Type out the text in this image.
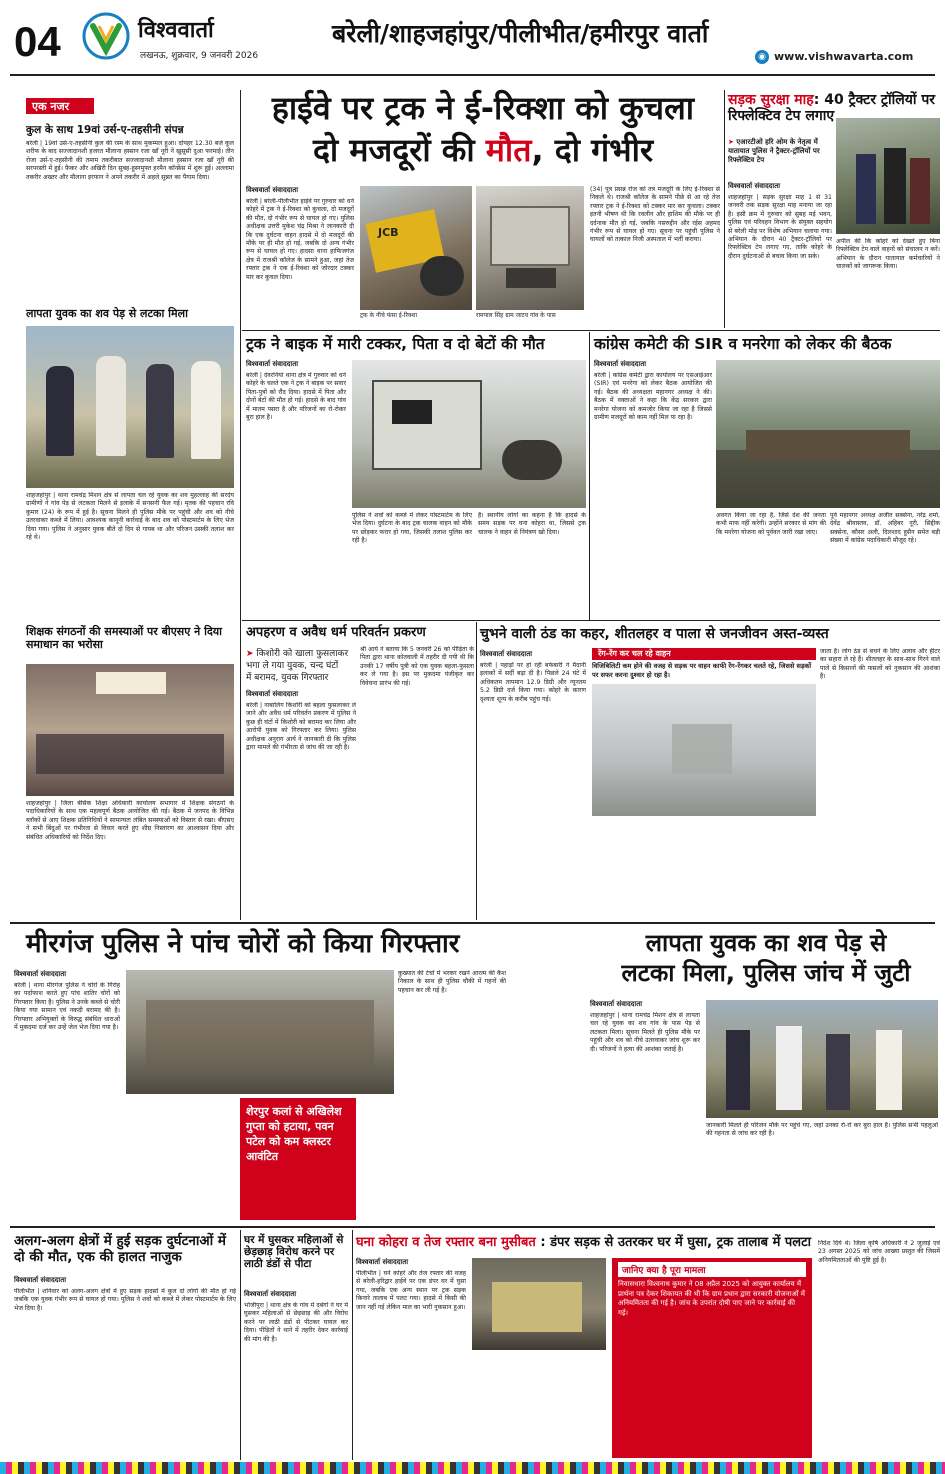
04	विश्ववार्ता
लखनऊ, शुक्रवार, 9 जनवरी 2026
बरेली/शाहजहांपुर/पीलीभीत/हमीरपुर वार्ता
◉ www.vishwavarta.com
एक नजर
कुल के साथ 19वां उर्स-ए-तहसीनी संपन्न
बरेली | 19वां उर्स-ए-तहसीनी कुल की रस्म के साथ मुकम्मल हुआ। दोपहर 12.30 बजे कुल शरीफ के बाद सज्जादानशी हजरत मौलाना हस्सान रजा खाँ नूरी ने खुसूसी दुआ फरमाई। तीन रोजा उर्स-ए-तहसीनी की तमाम तकरीबात सज्जादानशी मौलाना हस्सान रजा खाँ नूरी की सरपरस्ती में हुई। फ़ैकर और अखिरी दिन सुबह-हुस्नमुफ्त हरमैन कॉन्फ्रेंस में शुरू हुई। अल्लामा तकरीर अख्तर और मौलाना इरफान ने अपने तकरीर में अहले सुन्नत का पैगाम दिया।
लापता युवक का शव पेड़ से लटका मिला
शाहजहांपुर | थाना रामचंद्र मिशन क्षेत्र से लापता चल रहे युवक का शव मुहल्लाह की सरदेय ग्रामीणों ने गांव पेड़ से लटकता मिलने से इलाके में सनसनी फैल गई। मृतक की पहचान रवि कुमार (24) के रूप में हुई है। सूचना मिलने ही पुलिस मौके पर पहुंची और शव को नीचे उतरवाकर कब्जे में लिया। आवश्यक कानूनी कार्रवाई के बाद शव को पोस्टमार्टम के लिए भेज दिया गया। पुलिस ने अनुसार युवक बीते दो दिन से गायब था और परिजन उसकी तलाश कर रहे थे।
शिक्षक संगठनों की समस्याओं पर बीएसए ने दिया समाधान का भरोसा
शाहजहांपुर | जिला बेसिक शिक्षा अधिकारी कार्यालय सभागार में शिक्षक संगठनों के पदाधिकारियों के साथ एक महत्वपूर्ण बैठक आयोजित की गई। बैठक में जनपद के विभिन्न ब्लॉकों से आए शिक्षक प्रतिनिधियों ने सामान्यतः लंबित समस्याओं को विस्तार से रखा। बीएसए ने सभी बिंदुओं पर गंभीरता से विचार करते हुए शीघ्र निस्तारण का आश्वासन दिया और संबंधित अधिकारियों को निर्देश दिए।
हाईवे पर ट्रक ने ई-रिक्शा को कुचला
दो मजदूरों की मौत, दो गंभीर
विश्ववार्ता संवाददाता
बरेली | बरेली-पीलीभीत हाईवे पर गुरुवार को धने कोहरे में ट्रक ने ई-रिक्शा को कुचला, दो मजदूरों की मौत, दो गंभीर रूप से घायल हो गए। पुलिस अधीक्षक उत्तरी मुकेश चंद्र मिश्रा ने जानकारी दी कि एक दुर्घटना वाहन हादसे में दो मजदूरों की मौके पर ही मौत हो गई, जबकि दो अन्य गंभीर रूप से घायल हो गए। हादसा थाना हाफिजगंज क्षेत्र में राजश्री कॉलेज के सामने हुआ, जहां तेज रफ्तार ट्रक ने एक ई-रिक्शा को जोरदार टक्कर मार कर कुचल दिया।
JCB
ट्रक के नीचे फंसा ई-रिक्शा	रामपाल सिंह ग्राम जाटव गांव के पास
(34) पुत्र प्रसन्न रोज को तत्र मजदूरी के लिए ई-रिक्शा से निकले थे। राजश्री कॉलेज के सामने पीछे से आ रहे तेज रफ्तार ट्रक ने ई-रिक्शा को टक्कर मार कर कुचला। टक्कर इतनी भीषण थी कि रवलीन और हाशिम की मौके पर ही दर्दनाक मौत हो गई, जबकि नसरुद्दीन और रईस अहमद गंभीर रूप से घायल हो गए। सूचना पर पहुंची पुलिस ने घायलों को तत्काल निजी अस्पताल में भर्ती कराया।
सड़क सुरक्षा माह: 40 ट्रैक्टर ट्रॉलियों पर रिफ्लेक्टिव टेप लगाए
➤ एआरटीओ हरि ओम के नेतृत्व में यातायात पुलिस ने ट्रैक्टर-ट्रॉलियों पर रिफ्लेक्टिव टेप
विश्ववार्ता संवाददाता
शाहजहांपुर | सड़क सुरक्षा माह 1 से 31 जनवरी तक सड़क सुरक्षा माह मनाया जा रहा है। इसी क्रम में गुरुवार को सुबह मई भवन, पुलिस एवं परिवहन विभाग के संयुक्त सहयोग से बरेली मोड़ पर विशेष अभियान चलाया गया। अभियान के दौरान 40 ट्रैक्टर-ट्रॉलियों पर रिफ्लेक्टिव टेप लगाए गए, ताकि कोहरे के दौरान दुर्घटनाओं से बचाव किया जा सके।
अपील की कि कोहरे को देखते हुए बिना रिफ्लेक्टिव टेप वाले वाहनों को संचालन न करें। अभियान के दौरान यातायात कर्मचारियों ने चालकों को जागरूक किया।
ट्रक ने बाइक में मारी टक्कर, पिता व दो बेटों की मौत
विश्ववार्ता संवाददाता
बरेली | देवरनियां थाना क्षेत्र में गुरुवार को धने कोहरे के चलते एक ने ट्रक ने बाइक पर सवार पिता-पुत्रों को रौंद दिया। हादसे में पिता और दोनों बेटों की मौत हो गई। हादसे के बाद गांव में मातम पसरा है और परिजनों का रो-रोकर बुरा हाल है।
पुलिस ने शवों को कब्जे में लेकर पोस्टमार्टम के लिए भेज दिया। दुर्घटना के बाद ट्रक चालक वाहन को मौके पर छोड़कर फरार हो गया, जिसकी तलाश पुलिस कर रही है।
है। स्थानीय लोगों का कहना है कि हादसे के समय सड़क पर घना कोहरा था, जिससे ट्रक चालक ने वाहन से नियंत्रण खो दिया।
कांग्रेस कमेटी की SIR व मनरेगा को लेकर की बैठक
विश्ववार्ता संवाददाता
बरेली | कांग्रेस कमेटी द्वारा कार्यालय पर एसआईआर (SIR) एवं मनरेगा को लेकर बैठक आयोजित की गई। बैठक की अध्यक्षता महानगर अध्यक्ष ने की। बैठक में वक्ताओं ने कहा कि केंद्र सरकार द्वारा मनरेगा योजना को कमजोर किया जा रहा है जिससे ग्रामीण मजदूरों को काम नहीं मिल पा रहा है।
अवगत किया जा रहा है, जिसे देश की जनता कभी माफ नहीं करेगी। उन्होंने सरकार से मांग की कि मनरेगा योजना को पूर्ववत जारी रखा जाए।
पूर्व महानगर अध्यक्ष अजीत सक्सेना, नरेंद्र शर्मा, देवेंद्र श्रीवास्तव, डॉ. अहिबर नूरी, सिद्दीक सक्सेना, कौसर अली, दिलशाद हुसैन समेत बड़ी संख्या में कांग्रेस पदाधिकारी मौजूद रहे।
अपहरण व अवैध धर्म परिवर्तन प्रकरण
➤ किशोरी को खाला फुसलाकर
भगा ले गया युवक, चन्द घंटों
में बरामद, युवक गिरफ्तार
विश्ववार्ता संवाददाता
बरेली | नाबालिग किशोरी को बहला फुसलाकर ले जाने और अवैध धर्म परिवर्तन प्रकरण में पुलिस ने कुछ ही घंटों में किशोरी को बरामद कर लिया और आरोपी युवक को गिरफ्तार कर लिया। पुलिस अधीक्षक अनुराग आर्य ने जानकारी दी कि पुलिस द्वारा मामले की गंभीरता से जांच की जा रही है।
श्री आर्य ने बताया कि 5 जनवरी 26 को पीड़िता के पिता द्वारा थाना कोतवाली में तहरीर दी गयी थी कि उनकी 17 वर्षीय पुत्री को एक युवक बहला-फुसला कर ले गया है। इस पर मुकदमा पंजीकृत कर विवेचना प्रारंभ की गई।
चुभने वाली ठंड का कहर, शीतलहर व पाला से जनजीवन अस्त-व्यस्त
विश्ववार्ता संवाददाता
बरेली | पहाड़ों पर हो रही बर्फबारी ने मैदानी इलाकों में सर्दी बढ़ा दी है। पिछले 24 घंटे में अधिकतम तापमान 12.9 डिग्री और न्यूनतम 5.2 डिग्री दर्ज किया गया। कोहरे के कारण दृश्यता शून्य के करीब पहुंच गई।
रेंग-रेंग कर चल रहे वाहन
विजिबिलिटी कम होने की वजह से सड़क पर वाहन काफी रेंग-रेंगकर चलते रहे, जिससे सड़कों पर सफर करना दुश्वार हो रहा है।
जाता है। लोग ठंड से बचने के लिए अलाव और हीटर का सहारा ले रहे हैं। शीतलहर के साथ-साथ गिरने वाले पाले से किसानों की फसलों को नुकसान की आशंका है।
मीरगंज पुलिस ने पांच चोरों को किया गिरफ्तार
विश्ववार्ता संवाददाता
बरेली | थाना मीरगंज पुलिस ने चोरों के गिरोह का पर्दाफाश करते हुए पांच शातिर चोरों को गिरफ्तार किया है। पुलिस ने उनके कब्जे से चोरी किया गया सामान एवं नकदी बरामद की है। गिरफ्तार अभियुक्तों के विरुद्ध संबंधित धाराओं में मुकदमा दर्ज कर उन्हें जेल भेज दिया गया है।
कुख्यात की टेचों में भरकर रखने आरत्म की कैश निकाल के साथ ही पुलिस चौकी में गहनों की पहचान कर ली गई है।
शेरपुर कलां से अखिलेश गुप्ता को हटाया, पवन पटेल को कम क्लस्टर आवंटित
लापता युवक का शव पेड़ से
लटका मिला, पुलिस जांच में जुटी
विश्ववार्ता संवाददाता
शाहजहांपुर | थाना रामचंद्र मिशन क्षेत्र से लापता चल रहे युवक का शव गांव के पास पेड़ से लटकता मिला। सूचना मिलते ही पुलिस मौके पर पहुंची और शव को नीचे उतरवाकर जांच शुरू कर दी। परिजनों ने हत्या की आशंका जताई है।
जानकारी मिलते ही परिजन मौके पर पहुंचे गए, जहां उनका रो-रो कर बुरा हाल है। पुलिस सभी पहलुओं की गहनता से जांच कर रही है।
अलग-अलग क्षेत्रों में हुई सड़क दुर्घटनाओं में दो की मौत, एक की हालत नाजुक
विश्ववार्ता संवाददाता
पीलीभीत | शनिवार को अलग-अलग क्षेत्रों में हुए सड़क हादसों में कुल दो लोगों की मौत हो गई जबकि एक युवक गंभीर रूप से घायल हो गया। पुलिस ने शवों को कब्जे में लेकर पोस्टमार्टम के लिए भेज दिया है।
घर में घुसकर महिलाओं से छेड़छाड़ विरोध करने पर लाठी डंडों से पीटा
विश्ववार्ता संवाददाता
भोजीपुरा | थाना क्षेत्र के गांव में दबंगों ने घर में घुसकर महिलाओं से छेड़छाड़ की और विरोध करने पर लाठी डंडों से पीटकर घायल कर दिया। पीड़ितों ने थाने में तहरीर देकर कार्रवाई की मांग की है।
घना कोहरा व तेज रफ्तार बना मुसीबत : डंपर सड़क से उतरकर घर में घुसा, ट्रक तालाब में पलटा
विश्ववार्ता संवाददाता
पीलीभीत | घने कोहरे और तेज रफ्तार की वजह से बरेली-हरिद्वार हाईवे पर एक डंपर घर में घुसा गया, जबकि एक अन्य स्थान पर ट्रक सड़क किनारे तालाब में पलट गया। हादसे में किसी की जान नहीं गई लेकिन माल का भारी नुकसान हुआ।
जानिए क्या है पूरा मामला
निवासधारा विश्वनाथ कुमार ने 08 अप्रैल 2025 को आयुक्त कार्यालय में प्रार्थना पत्र देकर शिकायत की थी कि ग्राम प्रधान द्वारा सरकारी योजनाओं में अनियमितता की गई है। जांच के उपरांत दोषी पाए जाने पर कार्रवाई की गई।
निर्देश दिये थे। जिला कृषि अधिकारी ने 2 जुलाई एवं 23 अगस्त 2025 को जांच आख्या प्रस्तुत की जिसमें अनियमितताओं की पुष्टि हुई है।
